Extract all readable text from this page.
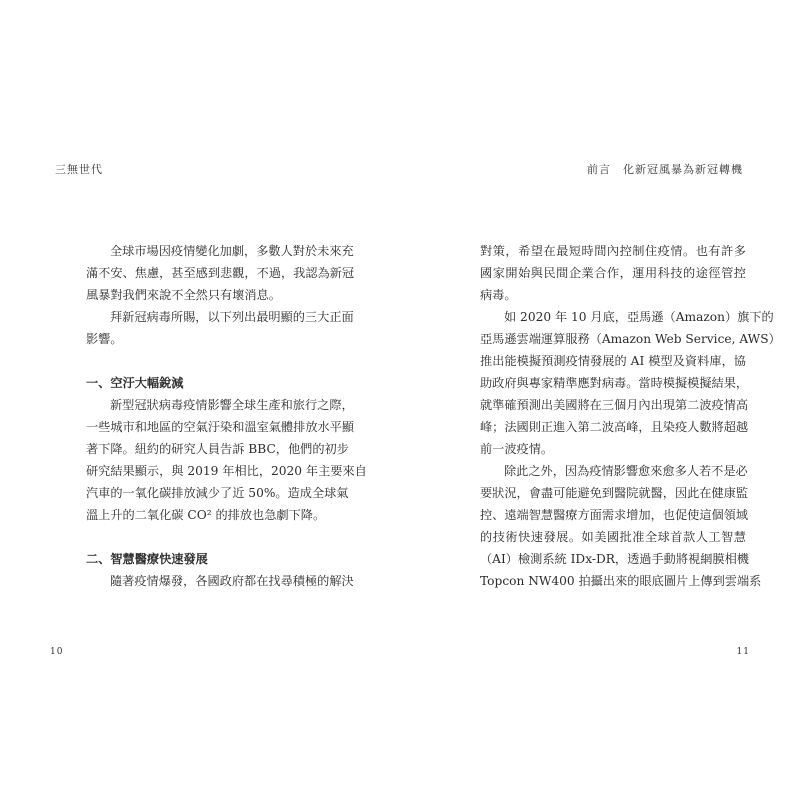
三無世代
全球市場因疫情變化加劇，多數人對於未來充
滿不安、焦慮，甚至感到悲觀，不過，我認為新冠
風暴對我們來說不全然只有壞消息。
拜新冠病毒所賜，以下列出最明顯的三大正面
影響。
一、空汙大幅銳減
新型冠狀病毒疫情影響全球生產和旅行之際，
一些城市和地區的空氣汙染和溫室氣體排放水平顯
著下降。紐約的研究人員告訴 BBC，他們的初步
研究結果顯示，與 2019 年相比，2020 年主要來自
汽車的一氧化碳排放減少了近 50%。造成全球氣
溫上升的二氧化碳 CO² 的排放也急劇下降。
二、智慧醫療快速發展
隨著疫情爆發，各國政府都在找尋積極的解決
10
前言　化新冠風暴為新冠轉機
11
對策，希望在最短時間內控制住疫情。也有許多
國家開始與民間企業合作，運用科技的途徑管控
病毒。
如 2020 年 10 月底，亞馬遜（Amazon）旗下的
亞馬遜雲端運算服務（Amazon Web Service, AWS）
推出能模擬預測疫情發展的 AI 模型及資料庫，協
助政府與專家精準應對病毒。當時模擬模擬結果，
就準確預測出美國將在三個月內出現第二波疫情高
峰；法國則正進入第二波高峰，且染疫人數將超越
前一波疫情。
除此之外，因為疫情影響愈來愈多人若不是必
要狀況，會盡可能避免到醫院就醫，因此在健康監
控、遠端智慧醫療方面需求增加，也促使這個領域
的技術快速發展。如美國批准全球首款人工智慧
（AI）檢測系統 IDx-DR，透過手動將視網膜相機
Topcon NW400 拍攝出來的眼底圖片上傳到雲端系
